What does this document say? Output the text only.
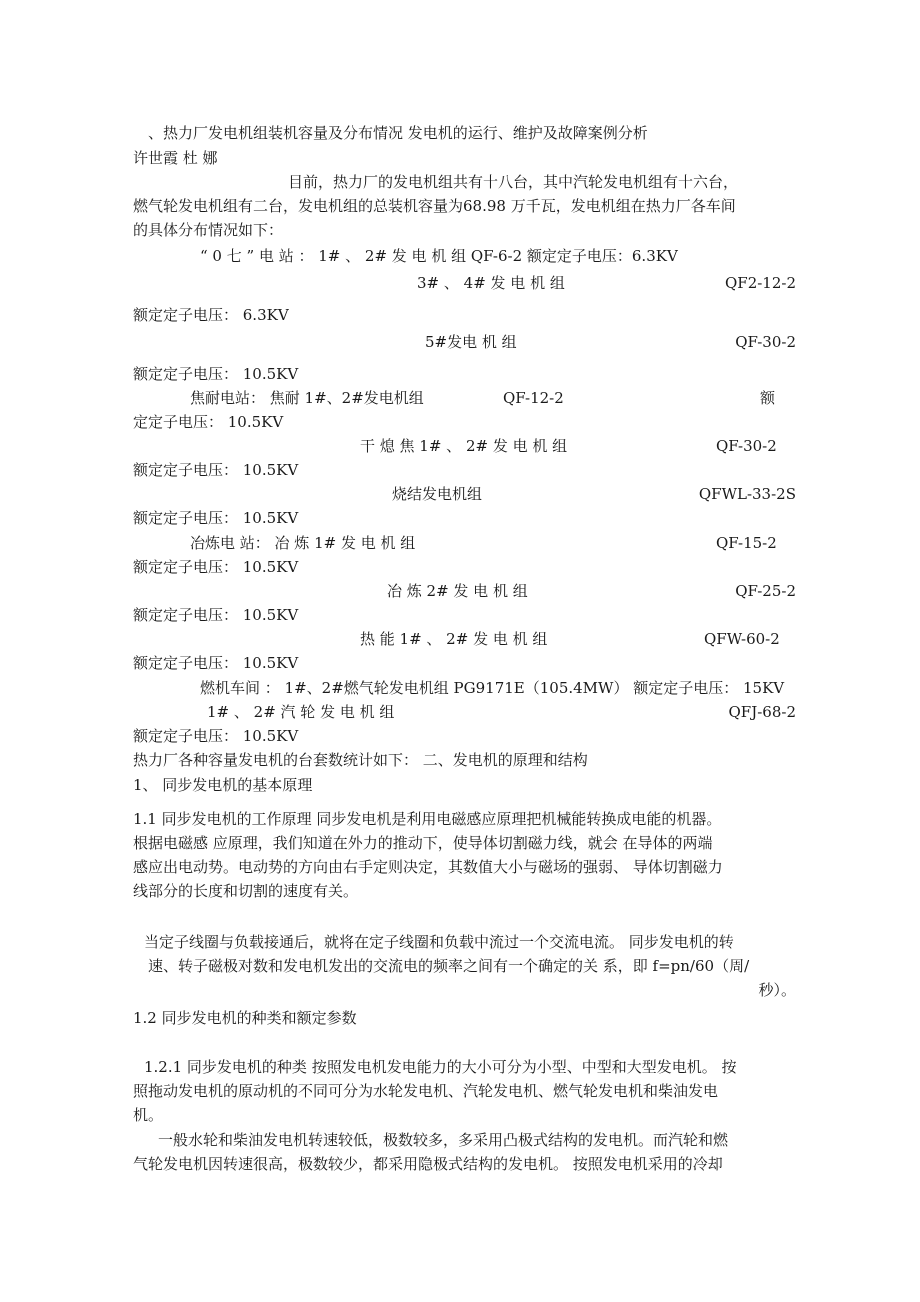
、热力厂发电机组装机容量及分布情况 发电机的运行、维护及故障案例分析
许世霞 杜 娜
目前，热力厂的发电机组共有十八台，其中汽轮发电机组有十六台，
燃气轮发电机组有二台，发电机组的总装机容量为68.98 万千瓦，发电机组在热力厂各车间
的具体分布情况如下：
“ 0 七 ” 电 站 ： 1# 、 2# 发 电 机 组 QF-6-2 额定定子电压：6.3KV
3# 、 4# 发 电 机 组	QF2-12-2
额定定子电压： 6.3KV
5#发电 机 组	QF-30-2
额定定子电压： 10.5KV
焦耐电站： 焦耐 1#、2#发电机组	QF-12-2	额
定定子电压： 10.5KV
干 熄 焦 1# 、 2# 发 电 机 组	QF-30-2
额定定子电压： 10.5KV
烧结发电机组	QFWL-33-2S
额定定子电压： 10.5KV
冶炼电 站： 冶 炼 1# 发 电 机 组	QF-15-2
额定定子电压： 10.5KV
冶 炼 2# 发 电 机 组	QF-25-2
额定定子电压： 10.5KV
热 能 1# 、 2# 发 电 机 组	QFW-60-2
额定定子电压： 10.5KV
燃机车间 ： 1#、2#燃气轮发电机组 PG9171E（105.4MW） 额定定子电压： 15KV
1# 、 2# 汽 轮 发 电 机 组	QFJ-68-2
额定定子电压： 10.5KV
热力厂各种容量发电机的台套数统计如下： 二、发电机的原理和结构
1、 同步发电机的基本原理
1.1 同步发电机的工作原理 同步发电机是利用电磁感应原理把机械能转换成电能的机器。
根据电磁感 应原理，我们知道在外力的推动下，使导体切割磁力线，就会 在导体的两端
感应出电动势。电动势的方向由右手定则决定，其数值大小与磁场的强弱、 导体切割磁力
线部分的长度和切割的速度有关。
当定子线圈与负载接通后，就将在定子线圈和负载中流过一个交流电流。 同步发电机的转
速、转子磁极对数和发电机发出的交流电的频率之间有一个确定的关 系，即 f=pn/60（周/
秒）。
1.2 同步发电机的种类和额定参数
1.2.1 同步发电机的种类 按照发电机发电能力的大小可分为小型、中型和大型发电机。 按
照拖动发电机的原动机的不同可分为水轮发电机、汽轮发电机、燃气轮发电机和柴油发电
机。
一般水轮和柴油发电机转速较低，极数较多，多采用凸极式结构的发电机。而汽轮和燃
气轮发电机因转速很高，极数较少，都采用隐极式结构的发电机。 按照发电机采用的冷却
